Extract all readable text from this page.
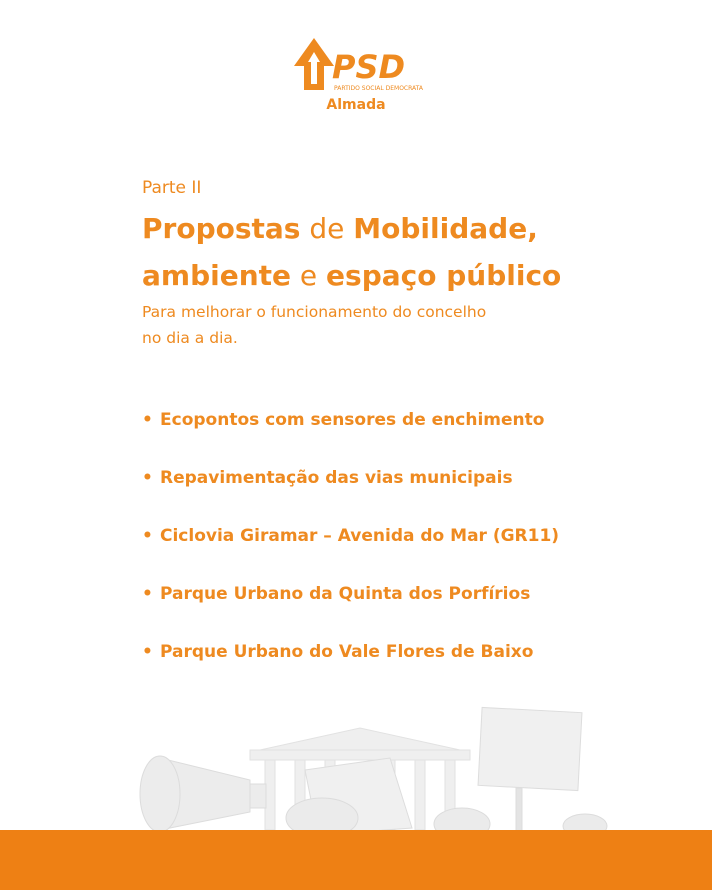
PSD
PARTIDO SOCIAL DEMOCRATA
Almada
Parte II
Propostas de Mobilidade,
ambiente e espaço público
Para melhorar o funcionamento do concelho
no dia a dia.
• Ecopontos com sensores de enchimento
• Repavimentação das vias municipais
• Ciclovia Giramar – Avenida do Mar (GR11)
• Parque Urbano da Quinta dos Porfírios
• Parque Urbano do Vale Flores de Baixo
